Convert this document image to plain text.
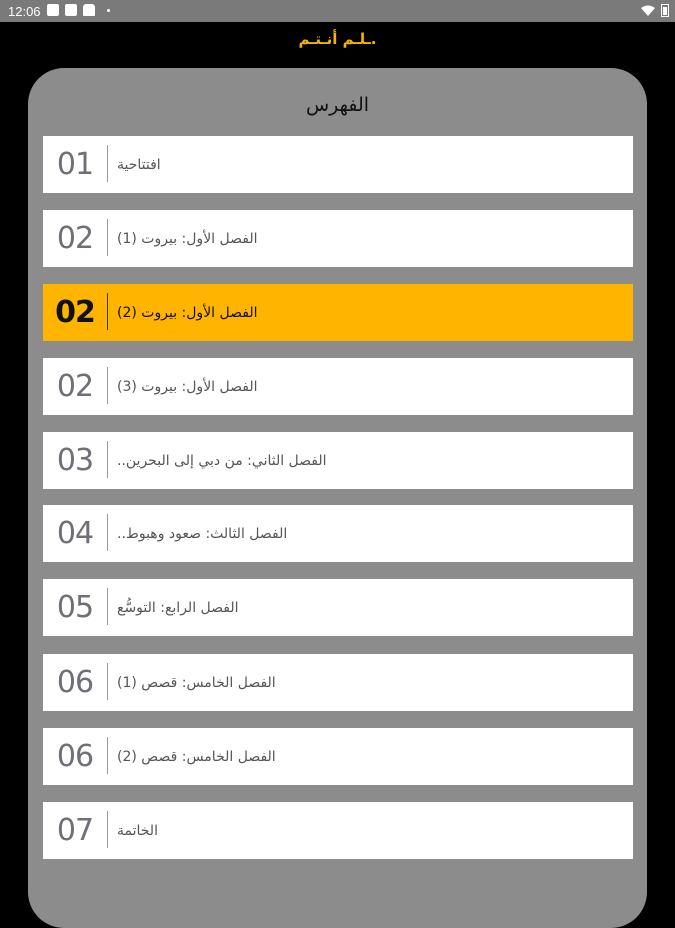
12:06
ـلـم أنـتـم.
الفهرس
01	افتتاحية
02	الفصل الأول: بيروت (1)
02	الفصل الأول: بيروت (2)
02	الفصل الأول: بيروت (3)
03	الفصل الثاني: من دبي إلى البحرين..
04	الفصل الثالث: صعود وهبوط..
05	الفصل الرابع: التوسُّع
06	الفصل الخامس: قصص (1)
06	الفصل الخامس: قصص (2)
07	الخاتمة
